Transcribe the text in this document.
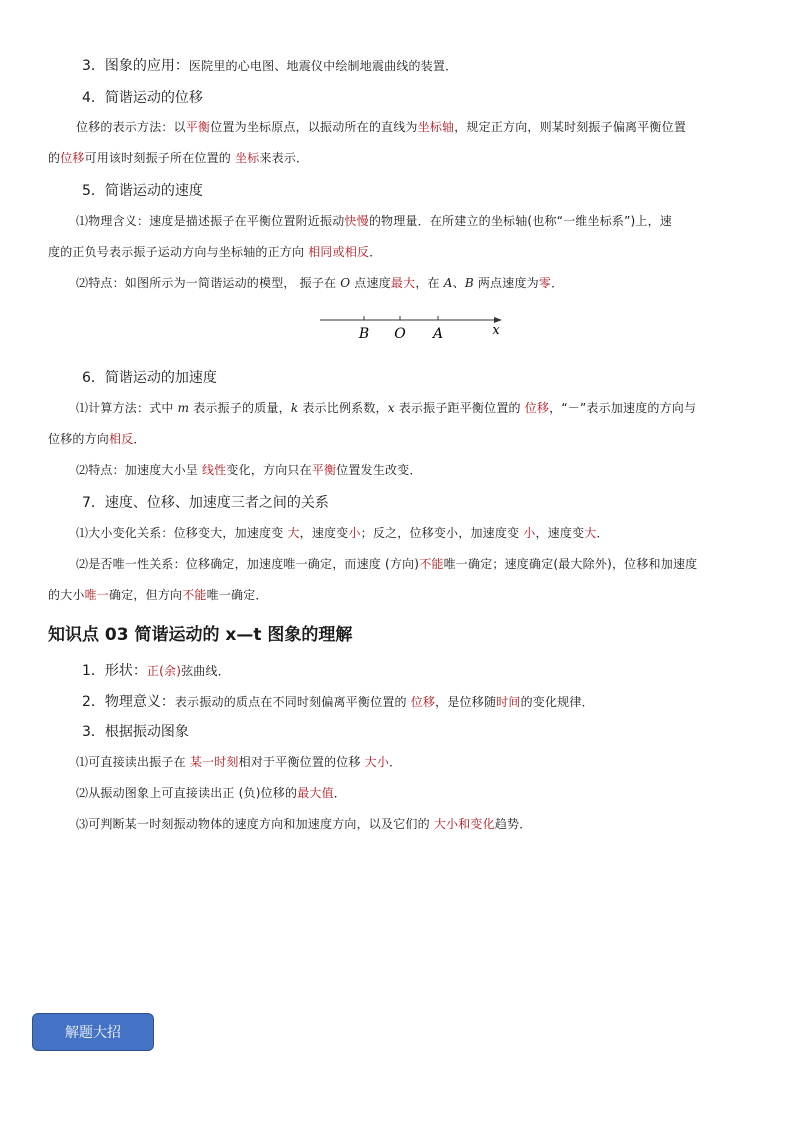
3．图象的应用：医院里的心电图、地震仪中绘制地震曲线的装置．
4．简谐运动的位移
位移的表示方法：以平衡位置为坐标原点，以振动所在的直线为坐标轴，规定正方向，则某时刻振子偏离平衡位置
的位移可用该时刻振子所在位置的 坐标来表示．
5．简谐运动的速度
⑴物理含义：速度是描述振子在平衡位置附近振动快慢的物理量．在所建立的坐标轴(也称“一维坐标系”)上，速
度的正负号表示振子运动方向与坐标轴的正方向 相同或相反．
⑵特点：如图所示为一简谐运动的模型， 振子在 O 点速度最大，在 A、B 两点速度为零．
B O A	x
6．简谐运动的加速度
⑴计算方法：式中 m 表示振子的质量，k 表示比例系数，x 表示振子距平衡位置的 位移，“－”表示加速度的方向与
位移的方向相反．
⑵特点：加速度大小呈 线性变化，方向只在平衡位置发生改变．
7．速度、位移、加速度三者之间的关系
⑴大小变化关系：位移变大，加速度变 大，速度变小；反之，位移变小，加速度变 小，速度变大．
⑵是否唯一性关系：位移确定，加速度唯一确定，而速度 (方向)不能唯一确定；速度确定(最大除外)，位移和加速度
的大小唯一确定，但方向不能唯一确定．
知识点 03 简谐运动的 x—t 图象的理解
1．形状：正(余)弦曲线．
2．物理意义：表示振动的质点在不同时刻偏离平衡位置的 位移，是位移随时间的变化规律．
3．根据振动图象
⑴可直接读出振子在 某一时刻相对于平衡位置的位移 大小．
⑵从振动图象上可直接读出正 (负)位移的最大值．
⑶可判断某一时刻振动物体的速度方向和加速度方向，以及它们的 大小和变化趋势．
解题大招
